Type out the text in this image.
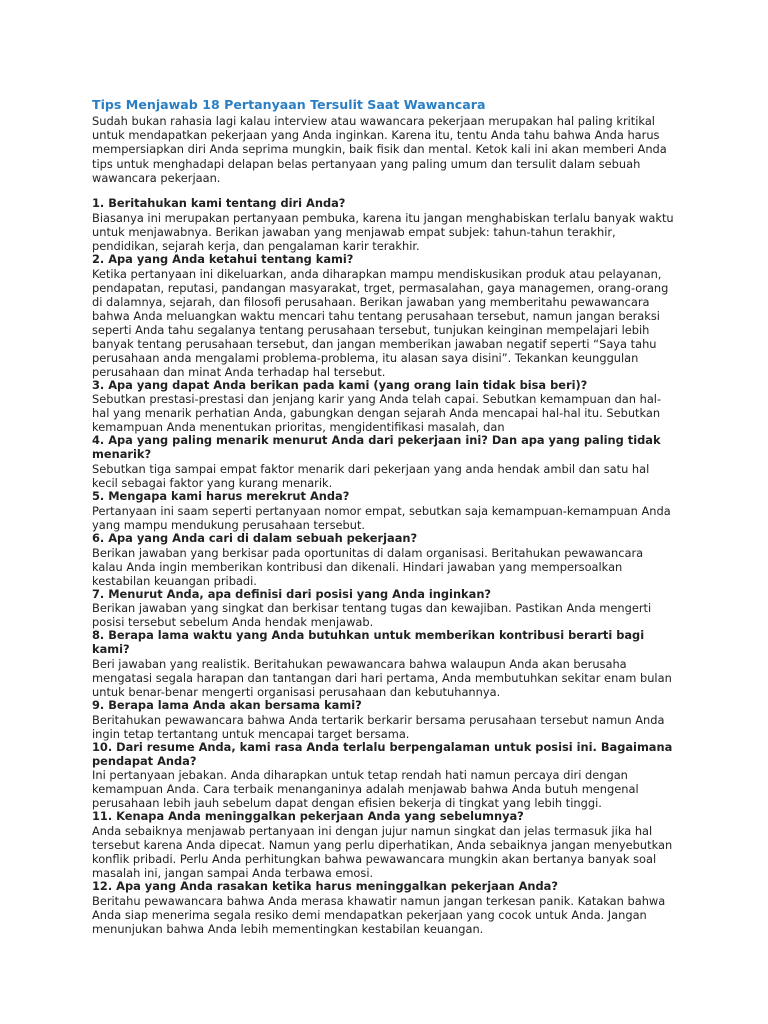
Tips Menjawab 18 Pertanyaan Tersulit Saat Wawancara

Sudah bukan rahasia lagi kalau interview atau wawancara pekerjaan merupakan hal paling kritikal untuk mendapatkan pekerjaan yang Anda inginkan. Karena itu, tentu Anda tahu bahwa Anda harus mempersiapkan diri Anda seprima mungkin, baik fisik dan mental. Ketok kali ini akan memberi Anda tips untuk menghadapi delapan belas pertanyaan yang paling umum dan tersulit dalam sebuah wawancara pekerjaan.

1. Beritahukan kami tentang diri Anda?

Biasanya ini merupakan pertanyaan pembuka, karena itu jangan menghabiskan terlalu banyak waktu untuk menjawabnya. Berikan jawaban yang menjawab empat subjek: tahun-tahun terakhir, pendidikan, sejarah kerja, dan pengalaman karir terakhir.

2. Apa yang Anda ketahui tentang kami?

Ketika pertanyaan ini dikeluarkan, anda diharapkan mampu mendiskusikan produk atau pelayanan, pendapatan, reputasi, pandangan masyarakat, trget, permasalahan, gaya managemen, orang-orang di dalamnya, sejarah, dan filosofi perusahaan. Berikan jawaban yang memberitahu pewawancara bahwa Anda meluangkan waktu mencari tahu tentang perusahaan tersebut, namun jangan beraksi seperti Anda tahu segalanya tentang perusahaan tersebut, tunjukan keinginan mempelajari lebih banyak tentang perusahaan tersebut, dan jangan memberikan jawaban negatif seperti “Saya tahu perusahaan anda mengalami problema-problema, itu alasan saya disini”. Tekankan keunggulan perusahaan dan minat Anda terhadap hal tersebut.

3. Apa yang dapat Anda berikan pada kami (yang orang lain tidak bisa beri)?

Sebutkan prestasi-prestasi dan jenjang karir yang Anda telah capai. Sebutkan kemampuan dan hal-hal yang menarik perhatian Anda, gabungkan dengan sejarah Anda mencapai hal-hal itu. Sebutkan kemampuan Anda menentukan prioritas, mengidentifikasi masalah, dan

4. Apa yang paling menarik menurut Anda dari pekerjaan ini? Dan apa yang paling tidak menarik?

Sebutkan tiga sampai empat faktor menarik dari pekerjaan yang anda hendak ambil dan satu hal kecil sebagai faktor yang kurang menarik.

5. Mengapa kami harus merekrut Anda?

Pertanyaan ini saam seperti pertanyaan nomor empat, sebutkan saja kemampuan-kemampuan Anda yang mampu mendukung perusahaan tersebut.

6. Apa yang Anda cari di dalam sebuah pekerjaan?

Berikan jawaban yang berkisar pada oportunitas di dalam organisasi. Beritahukan pewawancara kalau Anda ingin memberikan kontribusi dan dikenali. Hindari jawaban yang mempersoalkan kestabilan keuangan pribadi.

7. Menurut Anda, apa definisi dari posisi yang Anda inginkan?

Berikan jawaban yang singkat dan berkisar tentang tugas dan kewajiban. Pastikan Anda mengerti posisi tersebut sebelum Anda hendak menjawab.

8. Berapa lama waktu yang Anda butuhkan untuk memberikan kontribusi berarti bagi kami?

Beri jawaban yang realistik. Beritahukan pewawancara bahwa walaupun Anda akan berusaha mengatasi segala harapan dan tantangan dari hari pertama, Anda membutuhkan sekitar enam bulan untuk benar-benar mengerti organisasi perusahaan dan kebutuhannya.

9. Berapa lama Anda akan bersama kami?

Beritahukan pewawancara bahwa Anda tertarik berkarir bersama perusahaan tersebut namun Anda ingin tetap tertantang untuk mencapai target bersama.

10. Dari resume Anda, kami rasa Anda terlalu berpengalaman untuk posisi ini. Bagaimana pendapat Anda?

Ini pertanyaan jebakan. Anda diharapkan untuk tetap rendah hati namun percaya diri dengan kemampuan Anda. Cara terbaik menanganinya adalah menjawab bahwa Anda butuh mengenal perusahaan lebih jauh sebelum dapat dengan efisien bekerja di tingkat yang lebih tinggi.

11. Kenapa Anda meninggalkan pekerjaan Anda yang sebelumnya?

Anda sebaiknya menjawab pertanyaan ini dengan jujur namun singkat dan jelas termasuk jika hal tersebut karena Anda dipecat. Namun yang perlu diperhatikan, Anda sebaiknya jangan menyebutkan konflik pribadi. Perlu Anda perhitungkan bahwa pewawancara mungkin akan bertanya banyak soal masalah ini, jangan sampai Anda terbawa emosi.

12. Apa yang Anda rasakan ketika harus meninggalkan pekerjaan Anda?

Beritahu pewawancara bahwa Anda merasa khawatir namun jangan terkesan panik. Katakan bahwa Anda siap menerima segala resiko demi mendapatkan pekerjaan yang cocok untuk Anda. Jangan menunjukan bahwa Anda lebih mementingkan kestabilan keuangan.
